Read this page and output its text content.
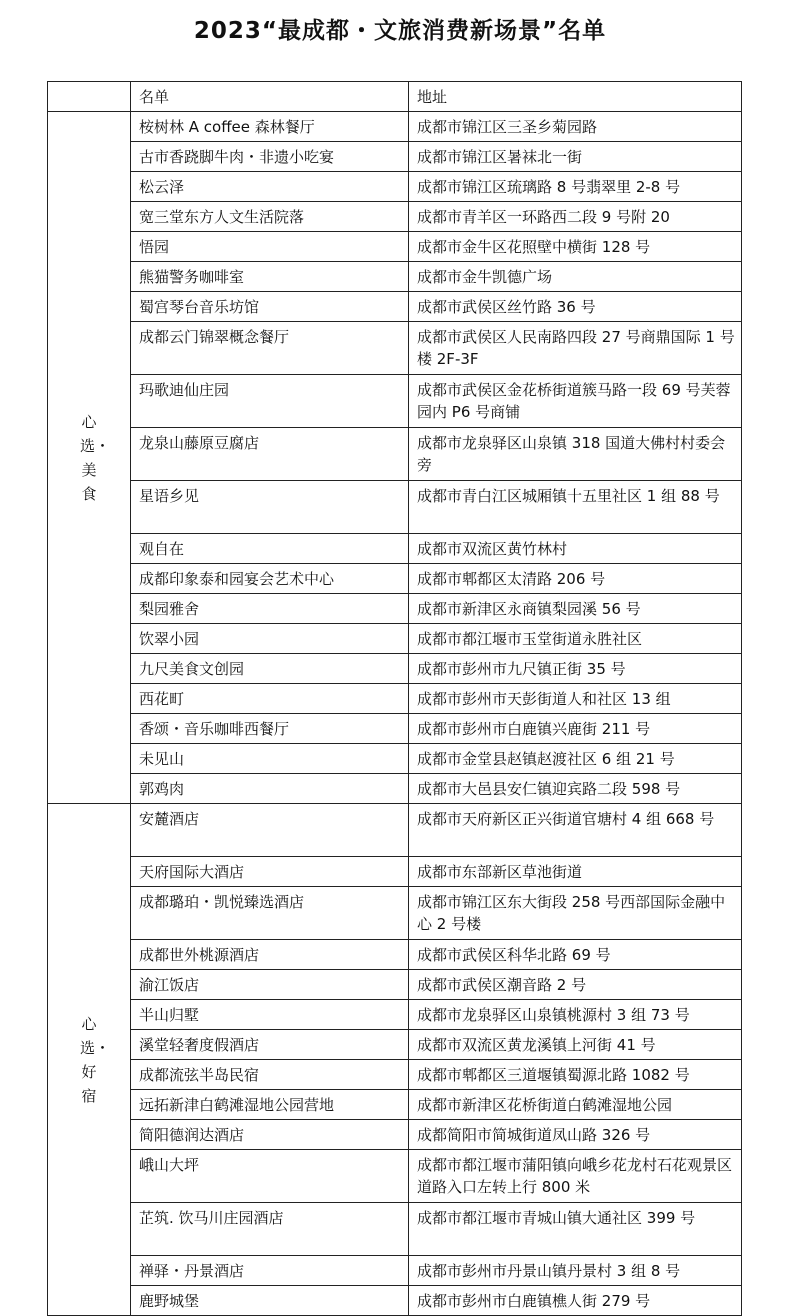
2023“最成都・文旅消费新场景”名单
	名单	地址
心选・美食	桉树林 A coffee 森林餐厅	成都市锦江区三圣乡菊园路
	古市香跷脚牛肉・非遗小吃宴	成都市锦江区暑袜北一街
	松云泽	成都市锦江区琉璃路 8 号翡翠里 2-8 号
	宽三堂东方人文生活院落	成都市青羊区一环路西二段 9 号附 20
	悟园	成都市金牛区花照壁中横街 128 号
	熊猫警务咖啡室	成都市金牛凯德广场
	蜀宫琴台音乐坊馆	成都市武侯区丝竹路 36 号
	成都云门锦翠概念餐厅	成都市武侯区人民南路四段 27 号商鼎国际 1 号楼 2F-3F
	玛歌迪仙庄园	成都市武侯区金花桥街道簇马路一段 69 号芙蓉园内 P6 号商铺
	龙泉山藤原豆腐店	成都市龙泉驿区山泉镇 318 国道大佛村村委会旁
	星语乡见	成都市青白江区城厢镇十五里社区 1 组 88 号
	观自在	成都市双流区黄竹林村
	成都印象泰和园宴会艺术中心	成都市郫都区太清路 206 号
	梨园雅舍	成都市新津区永商镇梨园溪 56 号
	饮翠小园	成都市都江堰市玉堂街道永胜社区
	九尺美食文创园	成都市彭州市九尺镇正街 35 号
	西花町	成都市彭州市天彭街道人和社区 13 组
	香颂・音乐咖啡西餐厅	成都市彭州市白鹿镇兴鹿街 211 号
	未见山	成都市金堂县赵镇赵渡社区 6 组 21 号
	郭鸡肉	成都市大邑县安仁镇迎宾路二段 598 号
心选・好宿	安麓酒店	成都市天府新区正兴街道官塘村 4 组 668 号
	天府国际大酒店	成都市东部新区草池街道
	成都璐珀・凯悦臻选酒店	成都市锦江区东大街段 258 号西部国际金融中心 2 号楼
	成都世外桃源酒店	成都市武侯区科华北路 69 号
	渝江饭店	成都市武侯区潮音路 2 号
	半山归墅	成都市龙泉驿区山泉镇桃源村 3 组 73 号
	溪堂轻奢度假酒店	成都市双流区黄龙溪镇上河街 41 号
	成都流弦半岛民宿	成都市郫都区三道堰镇蜀源北路 1082 号
	远拓新津白鹤滩湿地公园营地	成都市新津区花桥街道白鹤滩湿地公园
	简阳德润达酒店	成都简阳市简城街道凤山路 326 号
	峨山大坪	成都市都江堰市蒲阳镇向峨乡花龙村石花观景区道路入口左转上行 800 米
	芷筑. 饮马川庄园酒店	成都市都江堰市青城山镇大通社区 399 号
	禅驿・丹景酒店	成都市彭州市丹景山镇丹景村 3 组 8 号
	鹿野城堡	成都市彭州市白鹿镇樵人街 279 号
